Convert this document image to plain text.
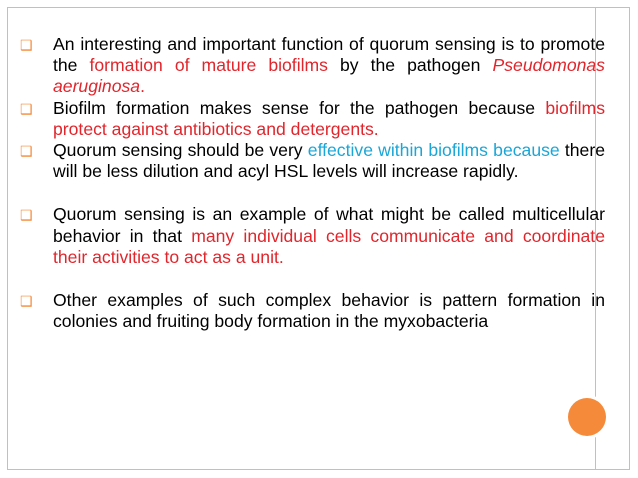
❑ An interesting and important function of quorum sensing is to promote the formation of mature biofilms by the pathogen Pseudomonas aeruginosa.
❑ Biofilm formation makes sense for the pathogen because biofilms protect against antibiotics and detergents.
❑ Quorum sensing should be very effective within biofilms because there will be less dilution and acyl HSL levels will increase rapidly.
❑ Quorum sensing is an example of what might be called multicellular behavior in that many individual cells communicate and coordinate their activities to act as a unit.
❑ Other examples of such complex behavior is pattern formation in colonies and fruiting body formation in the myxobacteria
